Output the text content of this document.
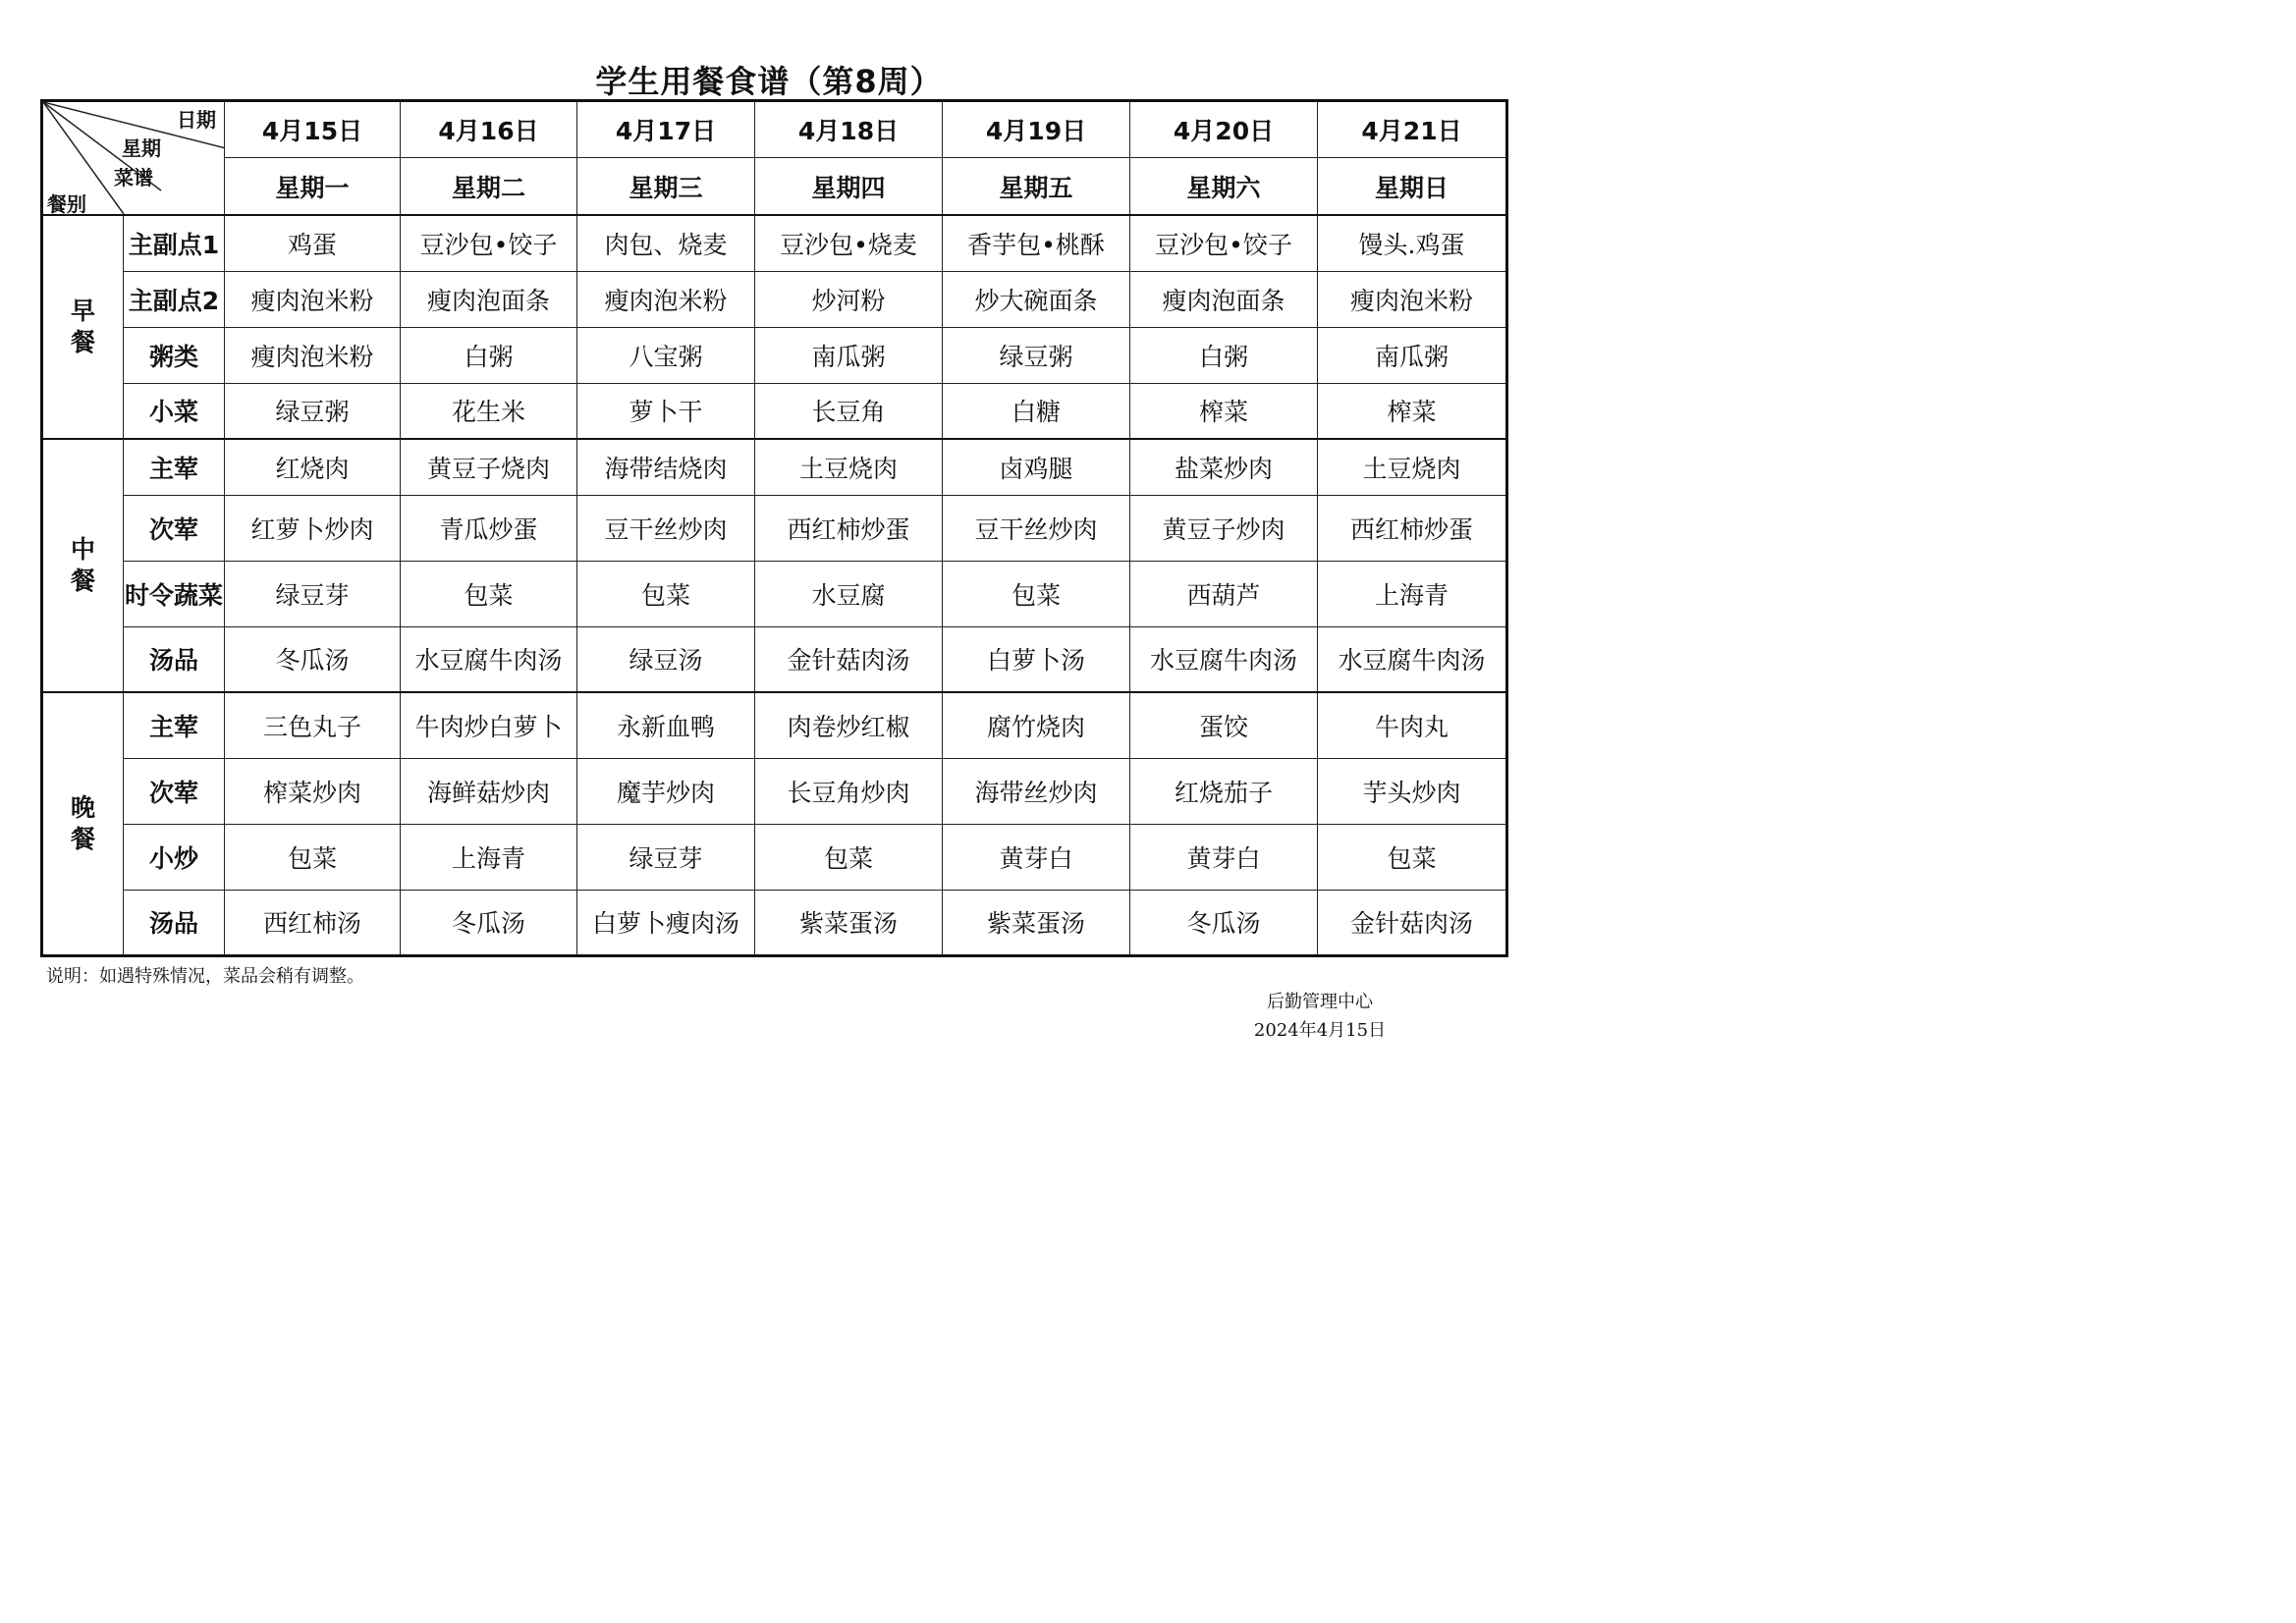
学生用餐食谱（第8周）
日期
星期
菜谱
餐别		4月15日	4月16日	4月17日	4月18日	4月19日	4月20日	4月21日
		星期一	星期二	星期三	星期四	星期五	星期六	星期日

早
餐	主副点1	鸡蛋	豆沙包•饺子	肉包、烧麦	豆沙包•烧麦	香芋包•桃酥	豆沙包•饺子	馒头.鸡蛋
	主副点2	瘦肉泡米粉	瘦肉泡面条	瘦肉泡米粉	炒河粉	炒大碗面条	瘦肉泡面条	瘦肉泡米粉
	粥类	瘦肉泡米粉	白粥	八宝粥	南瓜粥	绿豆粥	白粥	南瓜粥
	小菜	绿豆粥	花生米	萝卜干	长豆角	白糖	榨菜	榨菜

中
餐	主荤	红烧肉	黄豆子烧肉	海带结烧肉	土豆烧肉	卤鸡腿	盐菜炒肉	土豆烧肉
	次荤	红萝卜炒肉	青瓜炒蛋	豆干丝炒肉	西红柿炒蛋	豆干丝炒肉	黄豆子炒肉	西红柿炒蛋
	时令蔬菜	绿豆芽	包菜	包菜	水豆腐	包菜	西葫芦	上海青
	汤品	冬瓜汤	水豆腐牛肉汤	绿豆汤	金针菇肉汤	白萝卜汤	水豆腐牛肉汤	水豆腐牛肉汤

晚
餐	主荤	三色丸子	牛肉炒白萝卜	永新血鸭	肉卷炒红椒	腐竹烧肉	蛋饺	牛肉丸
	次荤	榨菜炒肉	海鲜菇炒肉	魔芋炒肉	长豆角炒肉	海带丝炒肉	红烧茄子	芋头炒肉
	小炒	包菜	上海青	绿豆芽	包菜	黄芽白	黄芽白	包菜
	汤品	西红柿汤	冬瓜汤	白萝卜瘦肉汤	紫菜蛋汤	紫菜蛋汤	冬瓜汤	金针菇肉汤
说明：如遇特殊情况，菜品会稍有调整。
后勤管理中心
2024年4月15日
